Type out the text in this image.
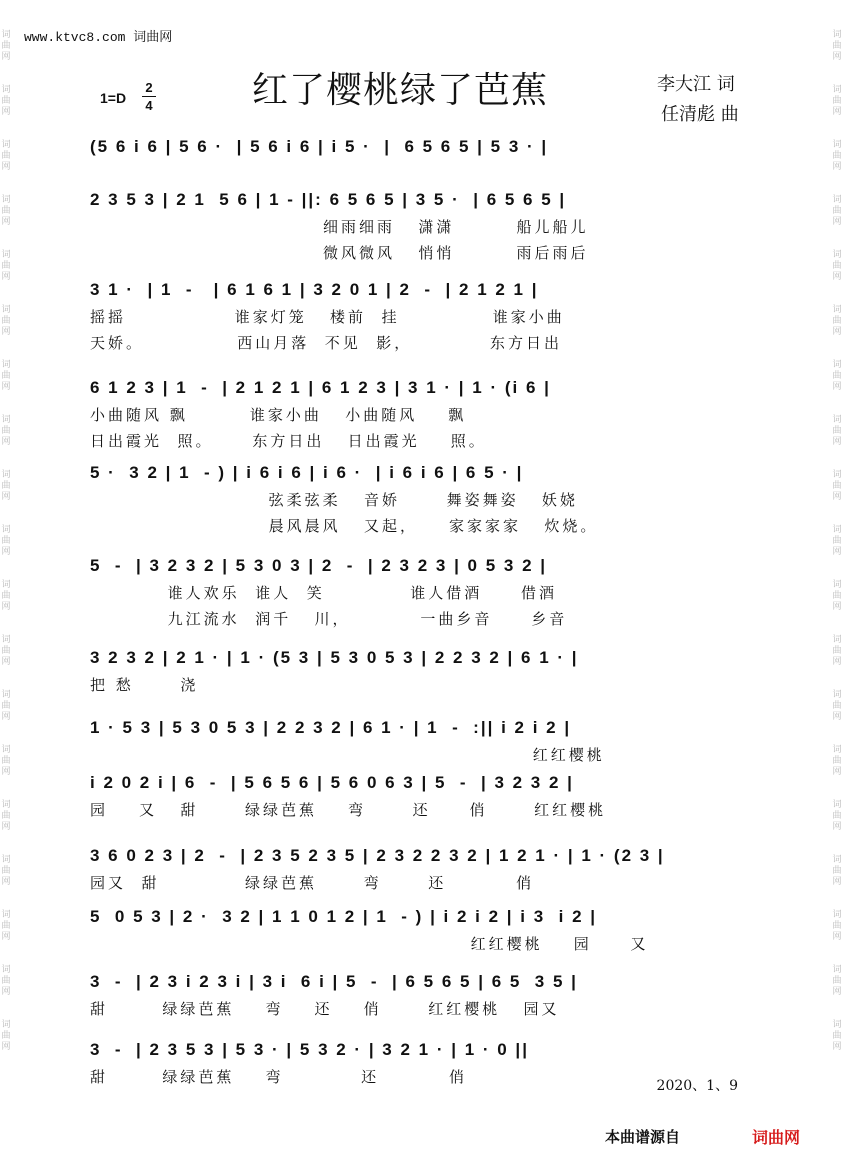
www.ktvc8.com 词曲网
词
曲
网

词
曲
网

词
曲
网

词
曲
网

词
曲
网

词
曲
网

词
曲
网

词
曲
网

词
曲
网

词
曲
网

词
曲
网

词
曲
网

词
曲
网

词
曲
网

词
曲
网

词
曲
网

词
曲
网

词
曲
网

词
曲
网

词
曲
网

词
曲
网

词
曲
网

词
曲
网

词
曲
网

词
曲
网

词
曲
网

词
曲
网

词
曲
网

词
曲
网

词
曲
网

词
曲
网

词
曲
网

词
曲
网

词
曲
网

词
曲
网

词
曲
网

词
曲
网

词
曲
网

1=D
2
4	红了樱桃绿了芭蕉	李大江 词
任清彪 曲
(5 6 i 6 | 5 6 ·  | 5 6 i 6 | i 5 ·  |  6 5 6 5 | 5 3 · |
2 3 5 3 | 2 1  5 6 | 1 - ||: 6 5 6 5 | 3 5 ·  | 6 5 6 5 |
细雨细雨   潇潇        船儿船儿
微风微风   悄悄        雨后雨后
3 1 ·  | 1  -   | 6 1 6 1 | 3 2 0 1 | 2  -  | 2 1 2 1 |
摇摇              谁家灯笼   楼前  挂            谁家小曲
天娇。            西山月落  不见  影，          东方日出
6 1 2 3 | 1  -  | 2 1 2 1 | 6 1 2 3 | 3 1 · | 1 · (i 6 |
小曲随风 飘        谁家小曲   小曲随风    飘
日出霞光  照。     东方日出   日出霞光    照。
5 ·  3 2 | 1  - ) | i 6 i 6 | i 6 ·  | i 6 i 6 | 6 5 · |
弦柔弦柔   音娇      舞姿舞姿   妖娆
晨风晨风   又起，    家家家家   炊烧。
5  -  | 3 2 3 2 | 5 3 0 3 | 2  -  | 2 3 2 3 | 0 5 3 2 |
谁人欢乐  谁人  笑           谁人借酒     借酒
九江流水  润千   川，         一曲乡音     乡音
3 2 3 2 | 2 1 · | 1 · (5 3 | 5 3 0 5 3 | 2 2 3 2 | 6 1 · |
把 愁      浇
1 · 5 3 | 5 3 0 5 3 | 2 2 3 2 | 6 1 · | 1  -  :|| i 2 i 2 |
红红樱桃
i 2 0 2 i | 6  -  | 5 6 5 6 | 5 6 0 6 3 | 5  -  | 3 2 3 2 |
园    又   甜      绿绿芭蕉    弯      还     俏      红红樱桃
3 6 0 2 3 | 2  -  | 2 3 5 2 3 5 | 2 3 2 2 3 2 | 1 2 1 · | 1 · (2 3 |
园又  甜           绿绿芭蕉      弯      还         俏
5  0 5 3 | 2 ·  3 2 | 1 1 0 1 2 | 1  - ) | i 2 i 2 | i 3  i 2 |
红红樱桃    园     又
3  -  | 2 3 i 2 3 i | 3 i  6 i | 5  -  | 6 5 6 5 | 6 5  3 5 |
甜       绿绿芭蕉    弯    还    俏      红红樱桃   园又
3  -  | 2 3 5 3 | 5 3 · | 5 3 2 · | 3 2 1 · | 1 · 0 ||
甜       绿绿芭蕉    弯          还         俏	2020、1、9
本曲谱源自	词曲网
